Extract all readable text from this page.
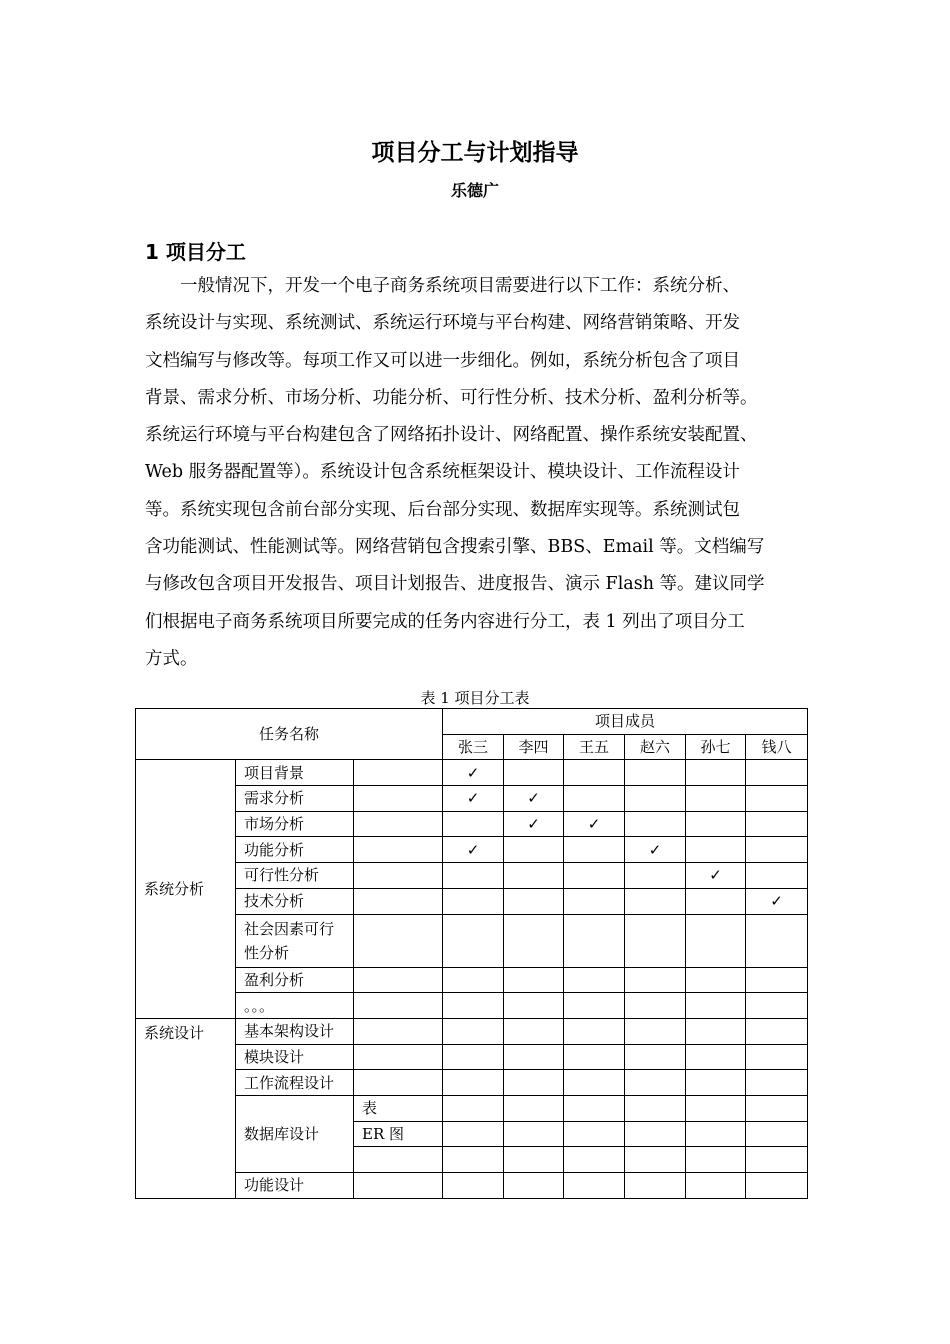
项目分工与计划指导
乐德广
1 项目分工
一般情况下，开发一个电子商务系统项目需要进行以下工作：系统分析、
系统设计与实现、系统测试、系统运行环境与平台构建、网络营销策略、开发
文档编写与修改等。每项工作又可以进一步细化。例如，系统分析包含了项目
背景、需求分析、市场分析、功能分析、可行性分析、技术分析、盈利分析等。
系统运行环境与平台构建包含了网络拓扑设计、网络配置、操作系统安装配置、
Web 服务器配置等）。系统设计包含系统框架设计、模块设计、工作流程设计
等。系统实现包含前台部分实现、后台部分实现、数据库实现等。系统测试包
含功能测试、性能测试等。网络营销包含搜索引擎、BBS、Email 等。文档编写
与修改包含项目开发报告、项目计划报告、进度报告、演示 Flash 等。建议同学
们根据电子商务系统项目所要完成的任务内容进行分工，表 1 列出了项目分工
方式。
表 1 项目分工表
任务名称			项目成员					
			张三	李四	王五	赵六	孙七	钱八
系统分析	项目背景		✓					
	需求分析		✓	✓				
	市场分析			✓	✓			
	功能分析		✓			✓		
	可行性分析						✓	
	技术分析							✓
	社会因素可行性分析							
	盈利分析							
	。。。							
系统设计	基本架构设计							
	模块设计							
	工作流程设计							
	数据库设计	表						
		ER 图						

	功能设计							
